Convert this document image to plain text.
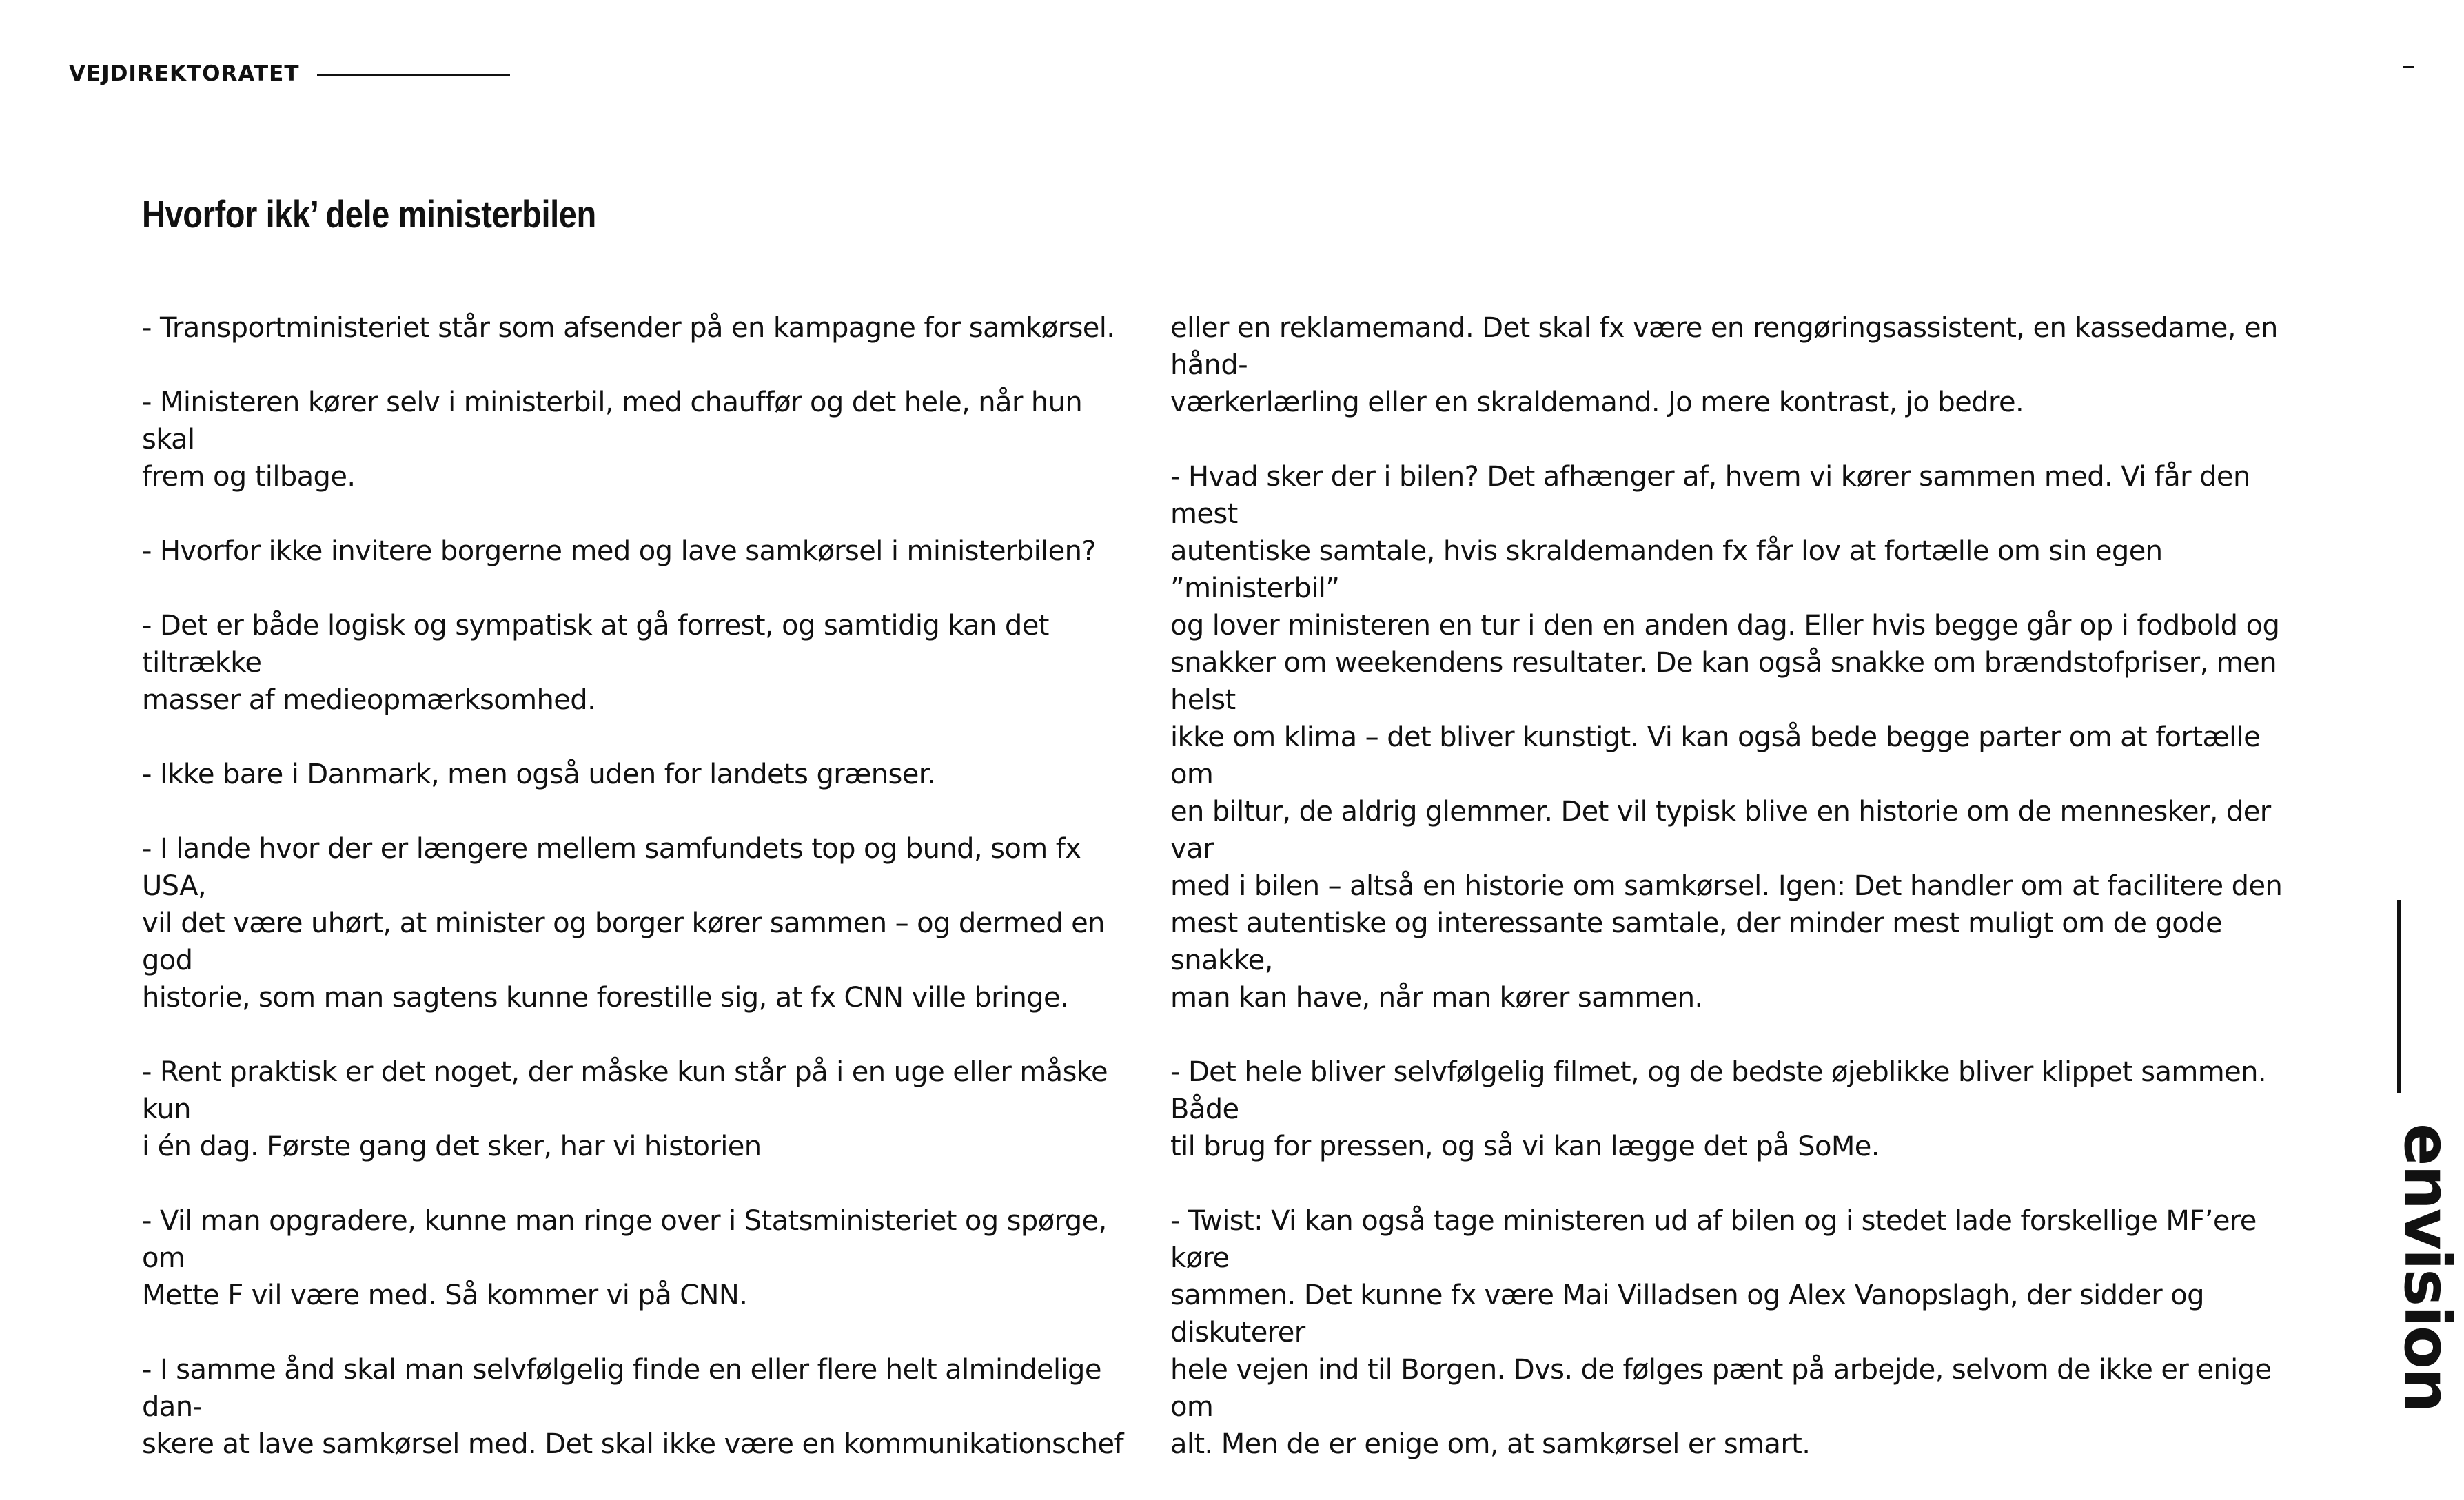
VEJDIREKTORATET
Hvorfor ikk’ dele ministerbilen

- Transportministeriet står som afsender på en kampagne for samkørsel.

- Ministeren kører selv i ministerbil, med chauffør og det hele, når hun skal
frem og tilbage.

- Hvorfor ikke invitere borgerne med og lave samkørsel i ministerbilen?

- Det er både logisk og sympatisk at gå forrest, og samtidig kan det tiltrække
masser af medieopmærksomhed.

- Ikke bare i Danmark, men også uden for landets grænser.

- I lande hvor der er længere mellem samfundets top og bund, som fx USA,
vil det være uhørt, at minister og borger kører sammen – og dermed en god
historie, som man sagtens kunne forestille sig, at fx CNN ville bringe.

- Rent praktisk er det noget, der måske kun står på i en uge eller måske kun
i én dag. Første gang det sker, har vi historien

- Vil man opgradere, kunne man ringe over i Statsministeriet og spørge, om
Mette F vil være med. Så kommer vi på CNN.

- I samme ånd skal man selvfølgelig finde en eller flere helt almindelige dan-
skere at lave samkørsel med. Det skal ikke være en kommunikationschef

eller en reklamemand. Det skal fx være en rengøringsassistent, en kassedame, en hånd-
værkerlærling eller en skraldemand. Jo mere kontrast, jo bedre.

- Hvad sker der i bilen? Det afhænger af, hvem vi kører sammen med. Vi får den mest
autentiske samtale, hvis skraldemanden fx får lov at fortælle om sin egen ”ministerbil”
og lover ministeren en tur i den en anden dag. Eller hvis begge går op i fodbold og
snakker om weekendens resultater. De kan også snakke om brændstofpriser, men helst
ikke om klima – det bliver kunstigt. Vi kan også bede begge parter om at fortælle om
en biltur, de aldrig glemmer. Det vil typisk blive en historie om de mennesker, der var
med i bilen – altså en historie om samkørsel. Igen: Det handler om at facilitere den
mest autentiske og interessante samtale, der minder mest muligt om de gode snakke,
man kan have, når man kører sammen.

- Det hele bliver selvfølgelig filmet, og de bedste øjeblikke bliver klippet sammen. Både
til brug for pressen, og så vi kan lægge det på SoMe.

- Twist: Vi kan også tage ministeren ud af bilen og i stedet lade forskellige MF’ere køre
sammen. Det kunne fx være Mai Villadsen og Alex Vanopslagh, der sidder og diskuterer
hele vejen ind til Borgen. Dvs. de følges pænt på arbejde, selvom de ikke er enige om
alt. Men de er enige om, at samkørsel er smart.

envision
